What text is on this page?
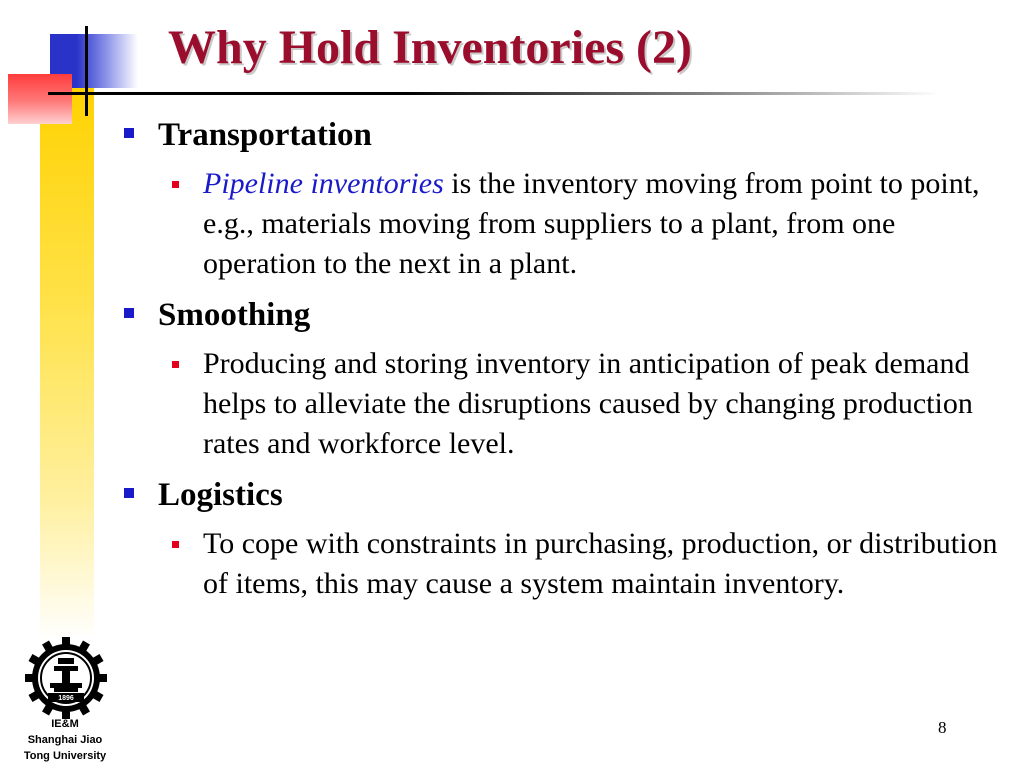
Why Hold Inventories (2)
Transportation
Pipeline inventories is the inventory moving from point to point, e.g., materials moving from suppliers to a plant, from one operation to the next in a plant.
Smoothing
Producing and storing inventory in anticipation of peak demand helps to alleviate the disruptions caused by changing production rates and workforce level.
Logistics
To cope with constraints in purchasing, production, or distribution of items, this may cause a system maintain inventory.
1896
IE&M
Shanghai Jiao
Tong University
8
